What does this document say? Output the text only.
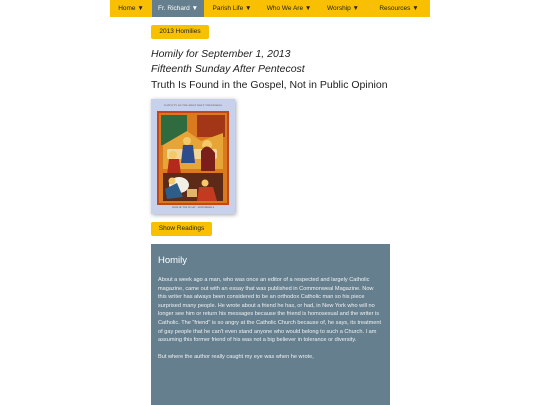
Home ▼	Fr. Richard ▼	Parish Life ▼	Who We Are ▼	Worship ▼	Resources ▼
2013 Homilies
Homily for September 1, 2013
Fifteenth Sunday After Pentecost
Truth Is Found in the Gospel, Not in Public Opinion
NATIVITY OF THE MOST HOLY THEOTOKOS
ICON OF THE FEAST · SEPTEMBER 8
Show Readings
Homily

About a week ago a man, who was once an editor of a respected and largely Catholic magazine, came out with an essay that was published in Commonweal Magazine. Now this writer has always been considered to be an orthodox Catholic man so his piece surprised many people. He wrote about a friend he has, or had, in New York who will no longer see him or return his messages because the friend is homosexual and the writer is Catholic. The "friend" is so angry at the Catholic Church because of, he says, its treatment of gay people that he can't even stand anyone who would belong to such a Church. I am assuming this former friend of his was not a big believer in tolerance or diversity.

But where the author really caught my eye was when he wrote,
